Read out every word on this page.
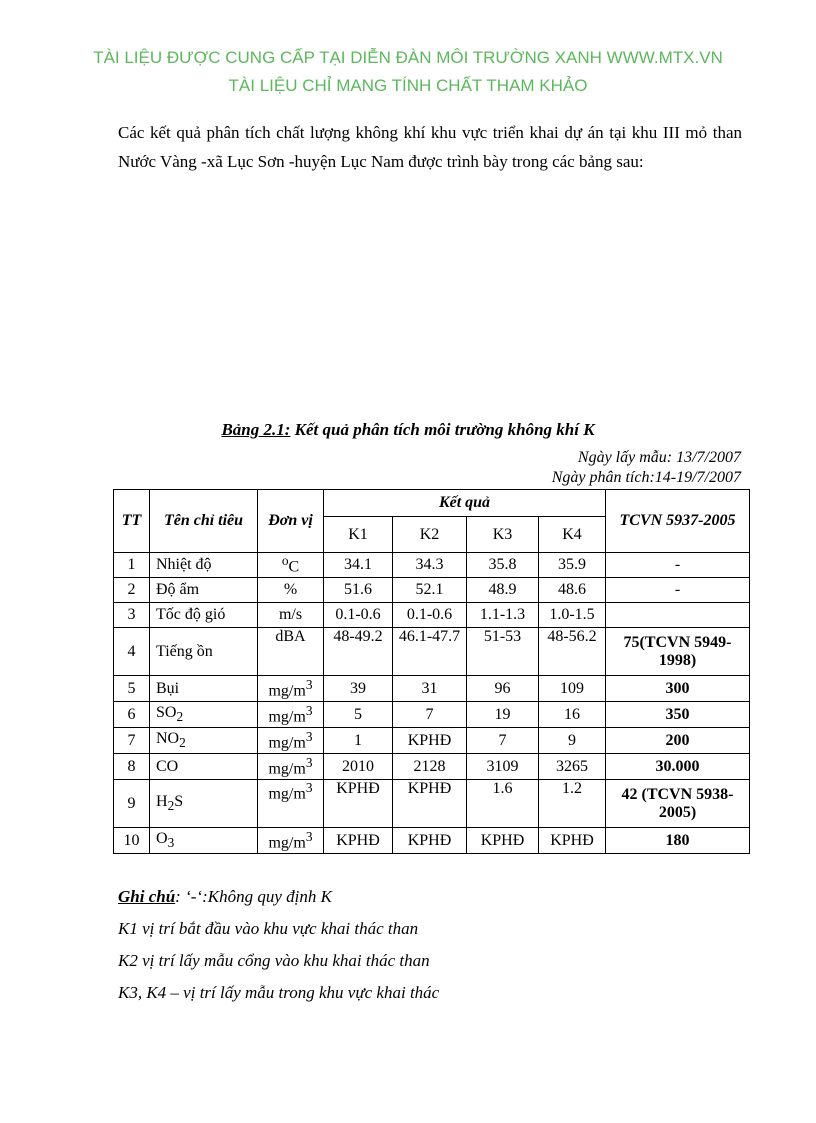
TÀI LIỆU ĐƯỢC CUNG CẤP TẠI DIỄN ĐÀN MÔI TRƯỜNG XANH WWW.MTX.VN
TÀI LIỆU CHỈ MANG TÍNH CHẤT THAM KHẢO

Các kết quả phân tích chất lượng không khí khu vực triển khai dự án tại khu III mỏ than Nước Vàng -xã Lục Sơn -huyện Lục Nam được trình bày trong các bảng sau:

Bảng 2.1: Kết quả phân tích môi trường không khí K
Ngày lấy mẫu: 13/7/2007
Ngày phân tích:14-19/7/2007
TT	Tên chỉ tiêu	Đơn vị	Kết quả				TCVN 5937-2005
			K1	K2	K3	K4	
1	Nhiệt độ	$^o$C	34.1	34.3	35.8	35.9	-
2	Độ ẩm	%	51.6	52.1	48.9	48.6	-
3	Tốc độ gió	m/s	0.1-0.6	0.1-0.6	1.1-1.3	1.0-1.5	
4	Tiếng ồn	dBA	48-49.2	46.1-47.7	51-53	48-56.2	75(TCVN 5949-1998)
5	Bụi	$mg/m^3$	39	31	96	109	300
6	$SO_2$	$mg/m^3$	5	7	19	16	350
7	$NO_2$	$mg/m^3$	1	KPHĐ	7	9	200
8	CO	$mg/m^3$	2010	2128	3109	3265	30.000
9	$H_2S$	$mg/m^3$	KPHĐ	KPHĐ	1.6	1.2	42 (TCVN 5938-2005)
10	$O_3$	$mg/m^3$	KPHĐ	KPHĐ	KPHĐ	KPHĐ	180
Ghi chú: ‘-‘:Không quy định K
K1 vị trí bắt đầu vào khu vực khai thác than
K2 vị trí lấy mẫu cổng vào khu khai thác than
K3, K4 – vị trí lấy mẫu trong khu vực khai thác
